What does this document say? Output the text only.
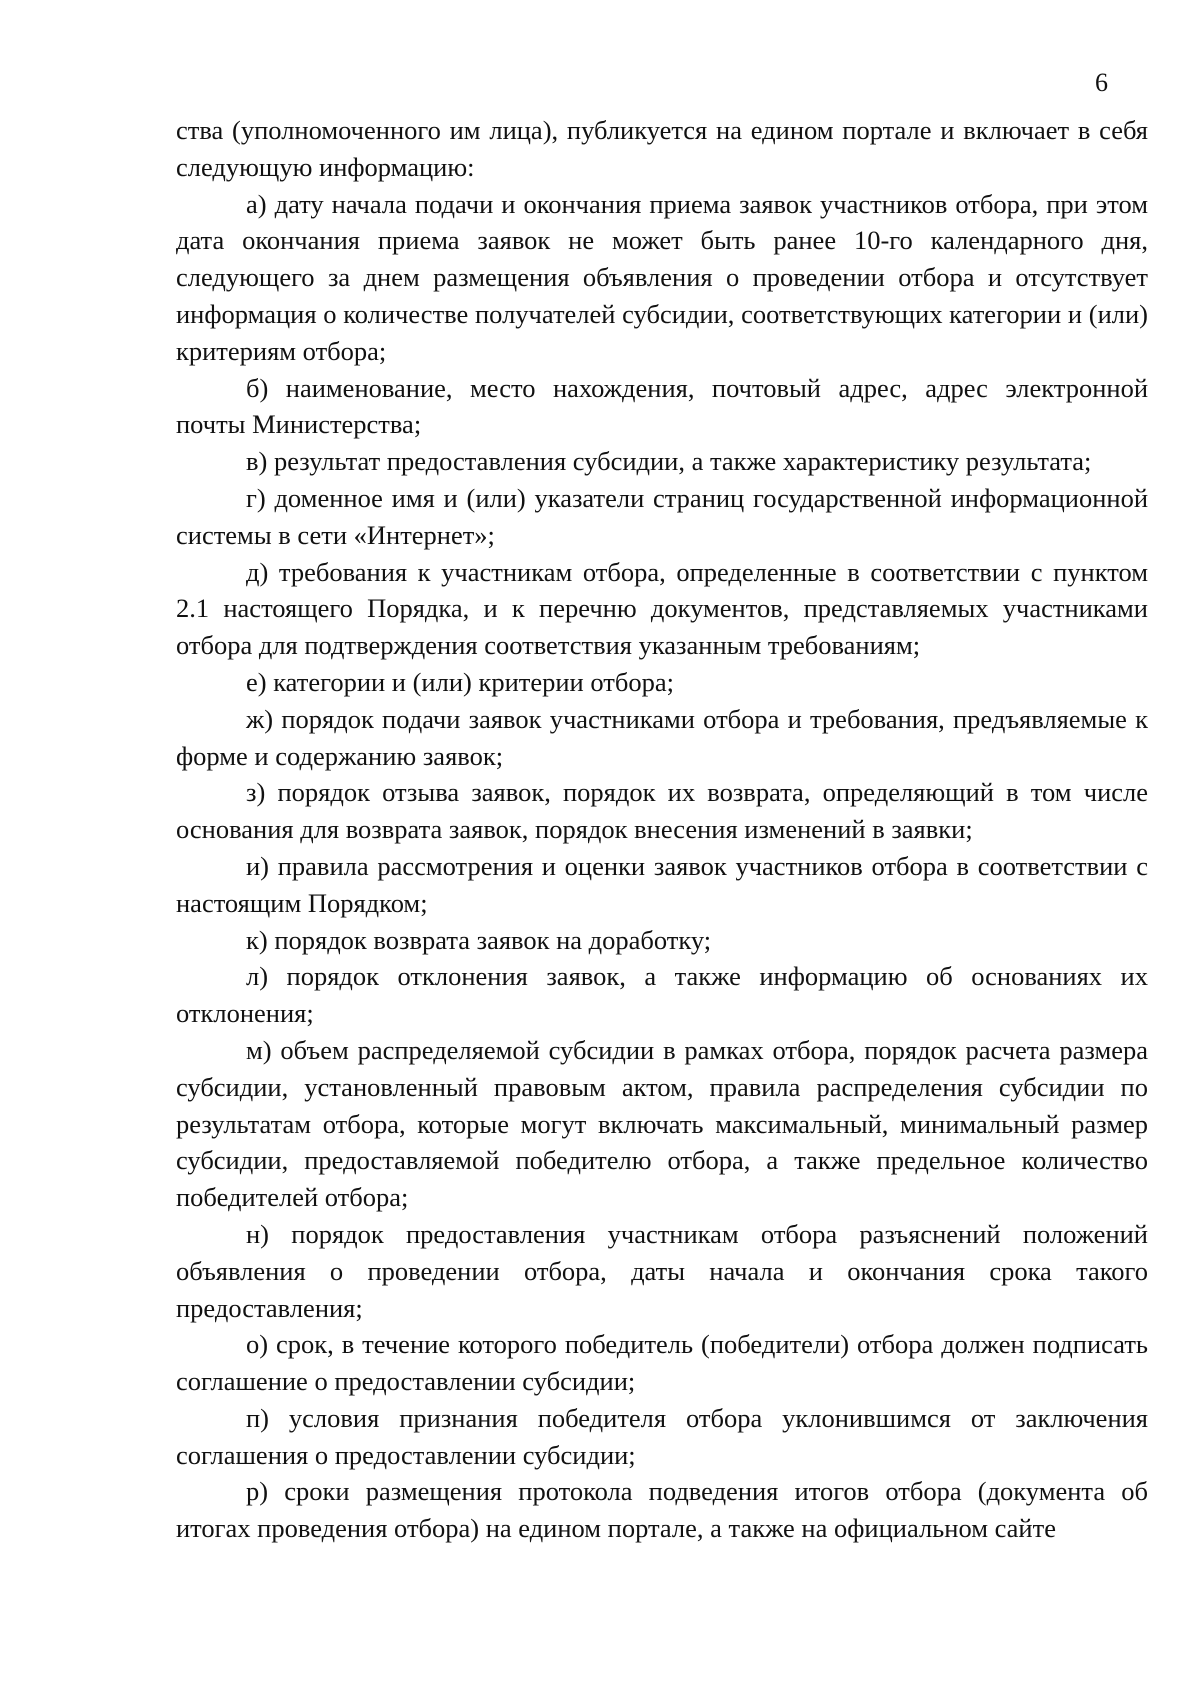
6

ства (уполномоченного им лица), публикуется на едином портале и включает в себя следующую информацию:

а) дату начала подачи и окончания приема заявок участников отбора, при этом дата окончания приема заявок не может быть ранее 10-го календарного дня, следующего за днем размещения объявления о проведении отбора и отсутствует информация о количестве получателей субсидии, соответствующих категории и (или) критериям отбора;

б) наименование, место нахождения, почтовый адрес, адрес электронной почты Министерства;

в) результат предоставления субсидии, а также характеристику результата;

г) доменное имя и (или) указатели страниц государственной информационной системы в сети «Интернет»;

д) требования к участникам отбора, определенные в соответствии с пунктом 2.1 настоящего Порядка, и к перечню документов, представляемых участниками отбора для подтверждения соответствия указанным требованиям;

е) категории и (или) критерии отбора;

ж) порядок подачи заявок участниками отбора и требования, предъявляемые к форме и содержанию заявок;

з) порядок отзыва заявок, порядок их возврата, определяющий в том числе основания для возврата заявок, порядок внесения изменений в заявки;

и) правила рассмотрения и оценки заявок участников отбора в соответствии с настоящим Порядком;

к) порядок возврата заявок на доработку;

л) порядок отклонения заявок, а также информацию об основаниях их отклонения;

м) объем распределяемой субсидии в рамках отбора, порядок расчета размера субсидии, установленный правовым актом, правила распределения субсидии по результатам отбора, которые могут включать максимальный, минимальный размер субсидии, предоставляемой победителю отбора, а также предельное количество победителей отбора;

н) порядок предоставления участникам отбора разъяснений положений объявления о проведении отбора, даты начала и окончания срока такого предоставления;

о) срок, в течение которого победитель (победители) отбора должен подписать соглашение о предоставлении субсидии;

п) условия признания победителя отбора уклонившимся от заключения соглашения о предоставлении субсидии;

р) сроки размещения протокола подведения итогов отбора (документа об итогах проведения отбора) на едином портале, а также на официальном сайте
